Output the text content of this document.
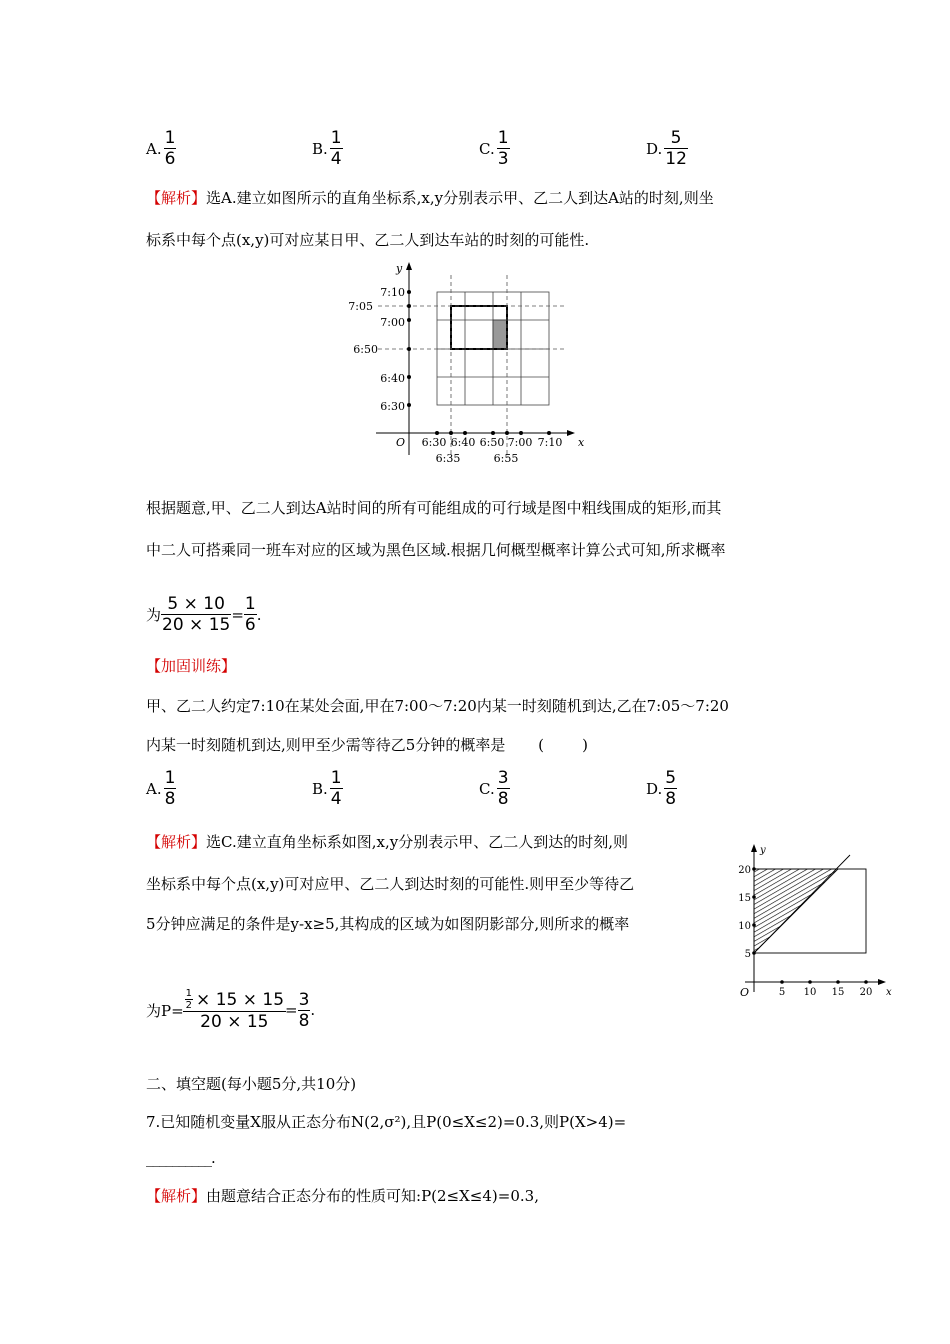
A. $\frac{1}{6}$	B. $\frac{1}{4}$	C. $\frac{1}{3}$	D. $\frac{5}{12}$
【解析】选A.建立如图所示的直角坐标系,x,y分别表示甲、乙二人到达A站的时刻,则坐
标系中每个点(x,y)可对应某日甲、乙二人到达车站的时刻的可能性.
y
x
O
7:10
7:05
7:00
6:50
6:40
6:30
6:30 6:40 6:50 7:00 7:10
6:35	6:55
根据题意,甲、乙二人到达A站时间的所有可能组成的可行域是图中粗线围成的矩形,而其
中二人可搭乘同一班车对应的区域为黑色区域.根据几何概型概率计算公式可知,所求概率
为 $\frac{5 \times 10}{20 \times 15} = \frac{1}{6}$ .
【加固训练】
甲、乙二人约定7:10在某处会面,甲在7:00～7:20内某一时刻随机到达,乙在7:05～7:20
内某一时刻随机到达,则甲至少需等待乙5分钟的概率是 (        )
A. $\frac{1}{8}$	B. $\frac{1}{4}$	C. $\frac{3}{8}$	D. $\frac{5}{8}$
【解析】选C.建立直角坐标系如图,x,y分别表示甲、乙二人到达的时刻,则
坐标系中每个点(x,y)可对应甲、乙二人到达时刻的可能性.则甲至少等待乙
5分钟应满足的条件是y-x≥5,其构成的区域为如图阴影部分,则所求的概率
y
x
O
20
15
10
5
5 10 15 20
为$P= \frac{\frac{1}{2} \times 15 \times 15}{20 \times 15} = \frac{3}{8}$ .
二、填空题(每小题5分,共10分)
7.已知随机变量X服从正态分布N(2,σ²),且P(0≤X≤2)=0.3,则P(X>4)=
__________.
【解析】由题意结合正态分布的性质可知:P(2≤X≤4)=0.3,
